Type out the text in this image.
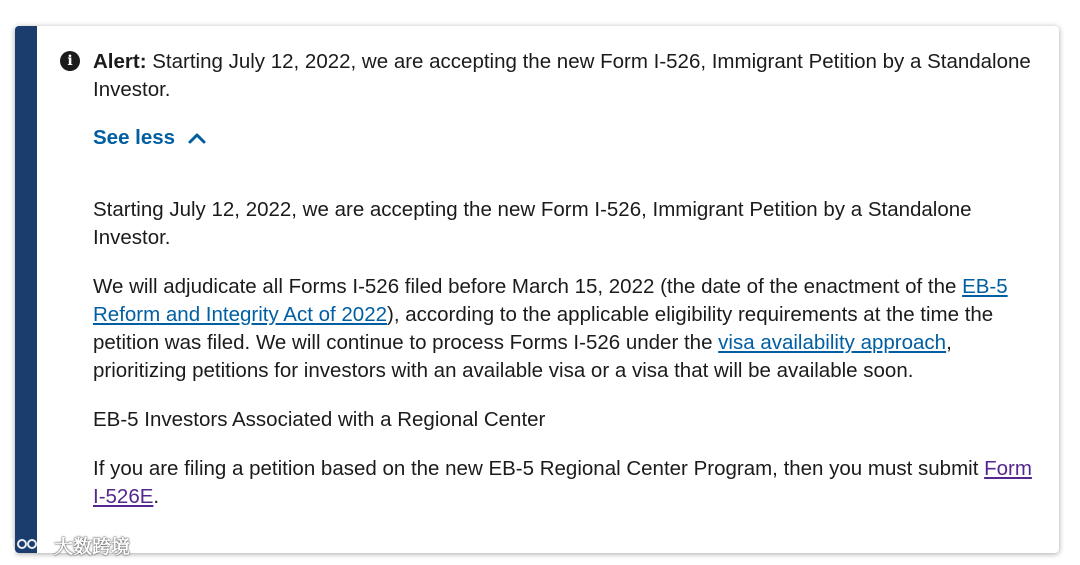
i Alert: Starting July 12, 2022, we are accepting the new Form I-526, Immigrant Petition by a Standalone Investor.
See less

Starting July 12, 2022, we are accepting the new Form I-526, Immigrant Petition by a Standalone Investor.

We will adjudicate all Forms I-526 filed before March 15, 2022 (the date of the enactment of the EB-5 Reform and Integrity Act of 2022), according to the applicable eligibility requirements at the time the petition was filed. We will continue to process Forms I-526 under the visa availability approach, prioritizing petitions for investors with an available visa or a visa that will be available soon.

EB-5 Investors Associated with a Regional Center

If you are filing a petition based on the new EB-5 Regional Center Program, then you must submit Form I-526E.

大数跨境
